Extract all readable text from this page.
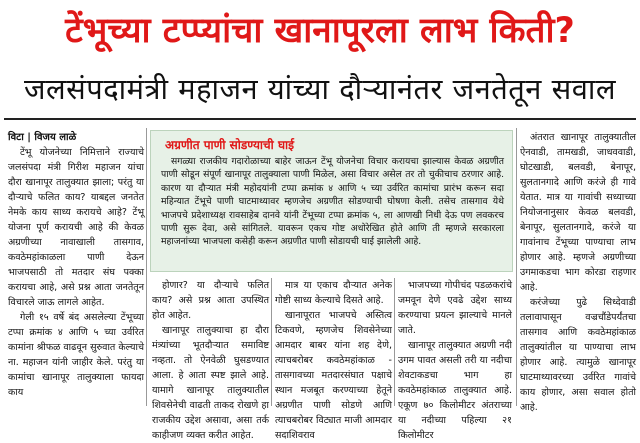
टेंभूच्या टप्प्यांचा खानापूरला लाभ किती?
जलसंपदामंत्री महाजन यांच्या दौऱ्यानंतर जनतेतून सवाल

विटा | विजय लाळे

टेंभू योजनेच्या निमित्ताने राज्याचे जलसंपदा मंत्री गिरीश महाजन यांचा दौरा खानापूर तालुक्यात झाला; परंतु या दौऱ्याचे फलित काय? याबद्दल जनतेत नेमके काय साध्य करायचे आहे? टेंभू योजना पूर्ण करायची आहे की केवळ अग्रणीच्या नावाखाली तासगाव, कवठेमहांकाळला पाणी देऊन भाजपसाठी तो मतदार संघ पक्का करायचा आहे, असे प्रश्न आता जनतेतून विचारले जाऊ लागले आहेत.

गेली १५ वर्षे बंद असलेल्या टेंभूच्या टप्पा क्रमांक ४ आणि ५ च्या उर्वरित कामांना श्रीफळ वाढवून सुरुवात केल्याचे ना. महाजन यांनी जाहीर केले. परंतु या कामांचा खानापूर तालुक्याला फायदा काय

अग्रणीत पाणी सोडण्याची घाई
सगळ्या राजकीय गदारोळाच्या बाहेर जाऊन टेंभू योजनेचा विचार करायचा झाल्यास केवळ अग्रणीत पाणी सोडून संपूर्ण खानापूर तालुक्याला पाणी मिळेल, असा विचार असेल तर तो चुकीचाच ठरणार आहे. कारण या दौऱ्यात मंत्री महोदयांनी टप्पा क्रमांक ४ आणि ५ च्या उर्वरित कामांचा प्रारंभ करून सदा महिन्यात टेंभूचे पाणी घाटमाथ्यावर म्हणजेच अग्रणीत सोडण्याची घोषणा केली. तसेच तासगाव येथे भाजपचे प्रदेशाध्यक्ष रावसाहेब दानवे यांनी टेंभूच्या टप्पा क्रमांक ५, ला आणखी निधी देऊ पण लवकरच पाणी सुरू देवा, असे सांगितले. यावरून एकच गोष्ट अधोरेखित होते आणि ती म्हणजे सरकारला महाजनांच्या भाजपला कसेही करून अग्रणीत पाणी सोडायची घाई झालेली आहे.

होणार? या दौऱ्याचे फलित काय? असे प्रश्न आता उपस्थित होत आहेत.

खानापूर तालुक्याचा हा दौरा मंत्र्यांच्या भूतदौऱ्यात समाविष्ट नव्हता. तो ऐनवेळी घुसडण्यात आला. हे आता स्पष्ट झाले आहे. यामागे खानापूर तालुक्यातील शिवसेनेची वाढती ताकद रोखणे हा राजकीय उद्देश असावा, असा तर्क काहीजण व्यक्त करीत आहेत.

मात्र या एकाच दौऱ्यात अनेक गोष्टी साध्य केल्याचे दिसते आहे.

खानापूरात भाजपचे अस्तित्व टिकवणे, म्हणजेच शिवसेनेच्या आमदार बाबर यांना शह देणे, त्याचबरोबर कवठेमहांकाळ - तासगावच्या मतदारसंघात पक्षाचे स्थान मजबूत करण्याच्या हेतूने अग्रणीत पाणी सोडणे आणि त्याचबरोबर विट्यात माजी आमदार सदाशिवराव

भाजपच्या गोपीचंद पडळकरांचे जमवून देणे एवढे उद्देश साध्य करण्याचा प्रयत्न झाल्याचे मानले जाते.

खानापूर तालुक्यात अग्रणी नदी उगम पावत असली तरी या नदीचा शेवटाकडचा भाग हा कवठेमहांकाळ तालुक्यात आहे. एकूण ७० किलोमीटर अंतराच्या या नदीच्या पहिल्या २१ किलोमीटर

अंतरात खानापूर तालुक्यातील ऐनवाडी, तामखडी, जाधववाडी, घोटखाडी, बलवडी, बेनापूर, सुलतानगादे आणि करंजे ही गावे येतात. मात्र या गावांची सध्याच्या नियोजनानुसार केवळ बलवडी, बेनापूर, सुलतानगादे, करंजे या गावांनाच टेंभूच्या पाण्याचा लाभ होणार आहे. म्हणजे अग्रणीच्या उगमाकडचा भाग कोरडा राहणार आहे.

करंजेच्या पुढे सिध्देवाडी तलावापासून वज्रचौंडेपर्यंतचा तासगाव आणि कवठेमहांकाळ तालुक्यांतील या पाण्याचा लाभ होणार आहे. त्यामुळे खानापूर घाटमाथ्यावरच्या उर्वरित गावांचे काय होणार, असा सवाल होतो आहे.
